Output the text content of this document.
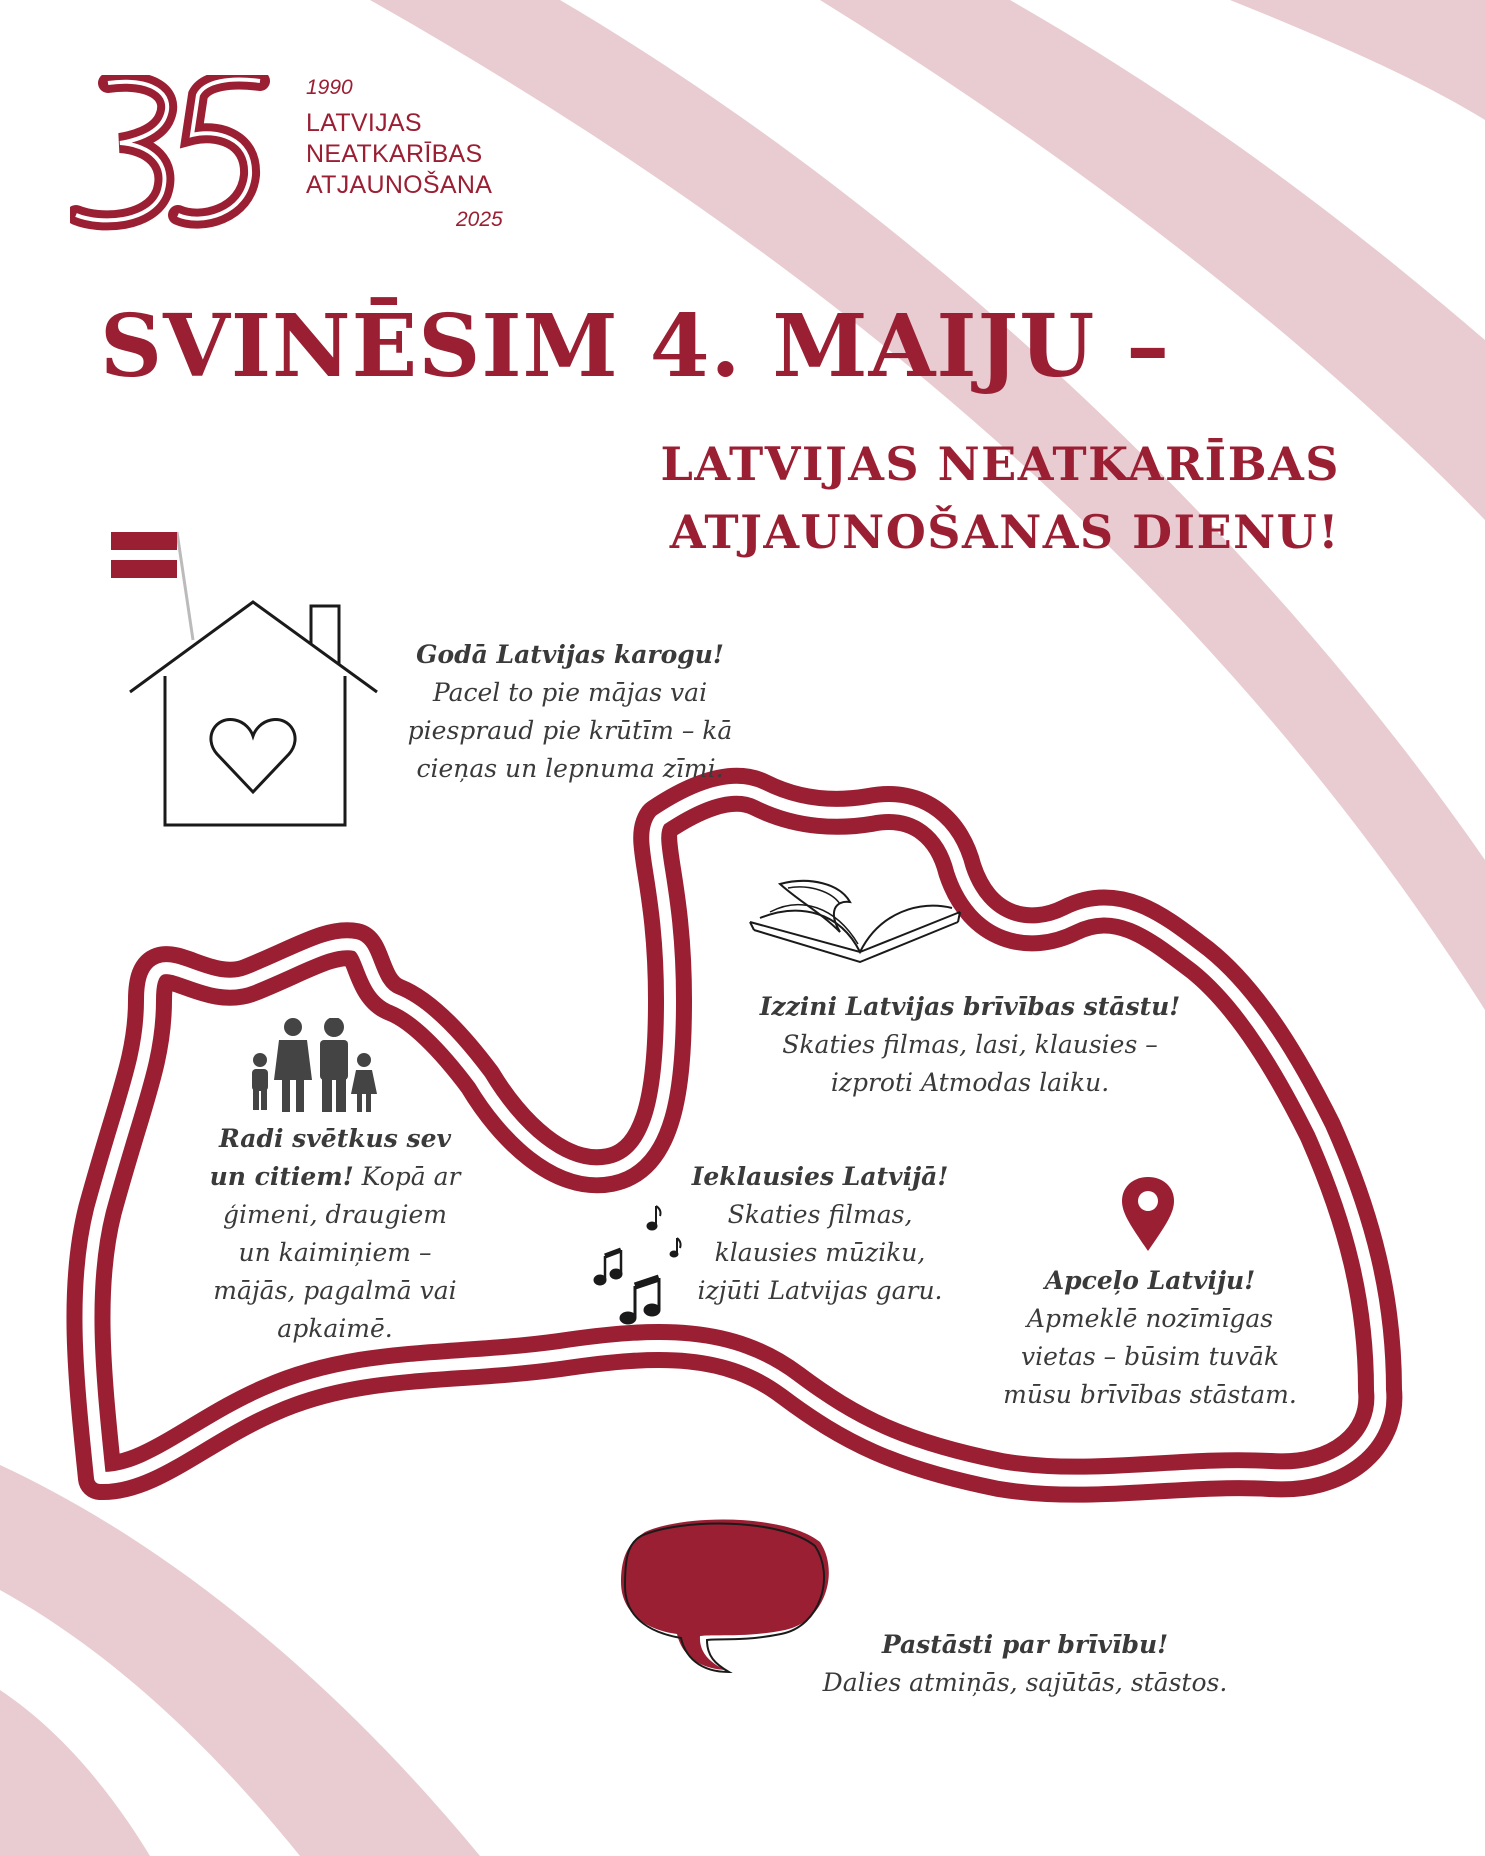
1990
LATVIJAS
NEATKARĪBAS
ATJAUNOŠANA
2025
SVINĒSIM 4. MAIJU –
LATVIJAS NEATKARĪBAS
ATJAUNOŠANAS DIENU!
Godā Latvijas karogu!
Pacel to pie mājas vai
piespraud pie krūtīm – kā
cieņas un lepnuma zīmi.
Izzini Latvijas brīvības stāstu!
Skaties filmas, lasi, klausies –
izproti Atmodas laiku.
Radi svētkus sev
un citiem! Kopā ar
ģimeni, draugiem
un kaimiņiem –
mājās, pagalmā vai
apkaimē.
Ieklausies Latvijā!
Skaties filmas,
klausies mūziku,
izjūti Latvijas garu.	Apceļo Latviju!
Apmeklē nozīmīgas
vietas – būsim tuvāk
mūsu brīvības stāstam.
Pastāsti par brīvību!
Dalies atmiņās, sajūtās, stāstos.
